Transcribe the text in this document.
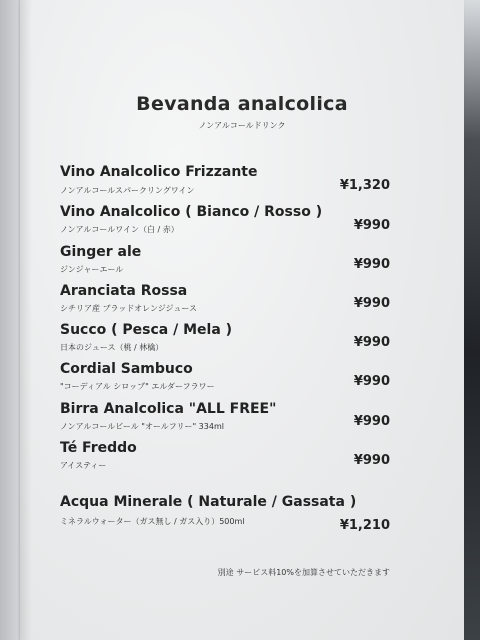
Bevanda analcolica
ノンアルコールドリンク
Vino Analcolico Frizzante
ノンアルコールスパークリングワイン	¥1,320
Vino Analcolico ( Bianco / Rosso )
ノンアルコールワイン（白 / 赤）	¥990
Ginger ale
ジンジャーエール	¥990
Aranciata Rossa
シチリア産 ブラッドオレンジジュース	¥990
Succo ( Pesca / Mela )
日本のジュース（桃 / 林檎）	¥990
Cordial Sambuco
"コーディアル シロップ" エルダーフラワー	¥990
Birra Analcolica "ALL FREE"
ノンアルコールビール "オールフリー" 334ml	¥990
Té Freddo
アイスティー	¥990
Acqua Minerale ( Naturale / Gassata )
ミネラルウォーター（ガス無し / ガス入り）500ml	¥1,210
別途 サービス料10%を加算させていただきます
